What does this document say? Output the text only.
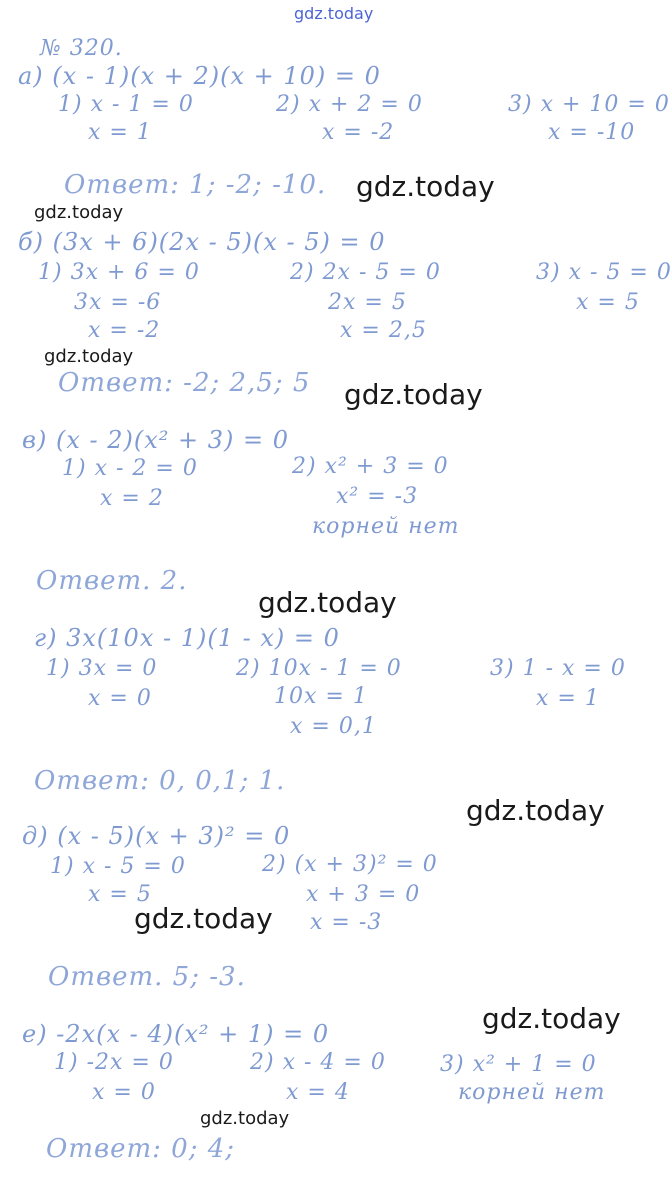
gdz.today
№ 320.
а) (x - 1)(x + 2)(x + 10) = 0
1) x - 1 = 0
x = 1
2) x + 2 = 0
x = -2
3) x + 10 = 0
x = -10
Ответ: 1; -2; -10.
б) (3x + 6)(2x - 5)(x - 5) = 0
1) 3x + 6 = 0
3x = -6
x = -2
2) 2x - 5 = 0
2x = 5
x = 2,5
3) x - 5 = 0
x = 5
Ответ: -2; 2,5; 5
в) (x - 2)(x² + 3) = 0
1) x - 2 = 0
x = 2
2) x² + 3 = 0
x² = -3
корней нет
Ответ. 2.
г) 3x(10x - 1)(1 - x) = 0
1) 3x = 0
x = 0
2) 10x - 1 = 0
10x = 1
x = 0,1
3) 1 - x = 0
x = 1
Ответ: 0, 0,1; 1.
д) (x - 5)(x + 3)² = 0
1) x - 5 = 0
x = 5
2) (x + 3)² = 0
x + 3 = 0
x = -3
Ответ. 5; -3.
е) -2x(x - 4)(x² + 1) = 0
1) -2x = 0
x = 0
2) x - 4 = 0
x = 4
3) x² + 1 = 0
корней нет
Ответ: 0; 4;
gdz.today
gdz.today
gdz.today
gdz.today
gdz.today
gdz.today
gdz.today
gdz.today
gdz.today
